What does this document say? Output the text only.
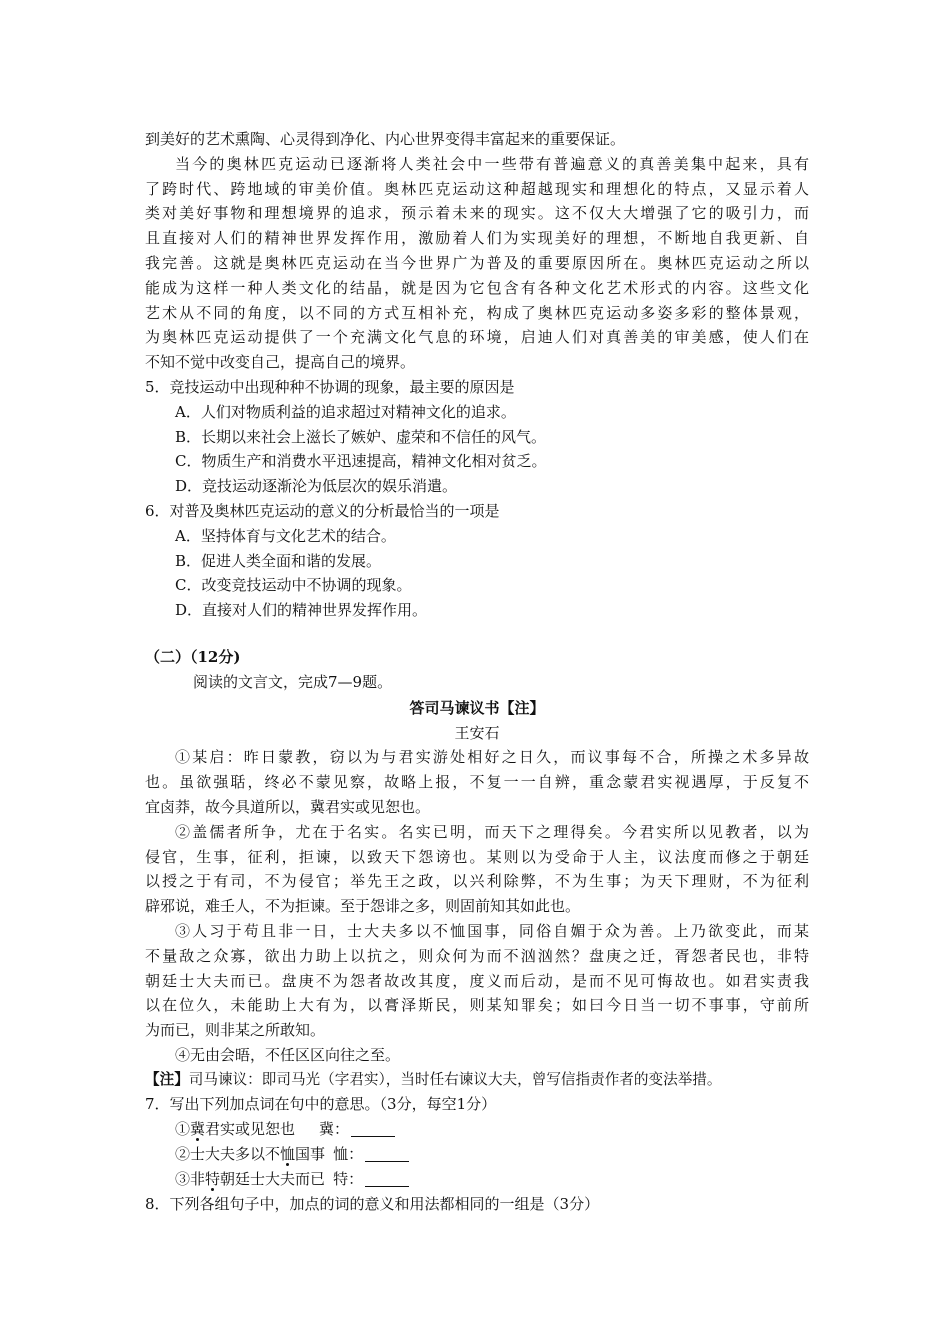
到美好的艺术熏陶、心灵得到净化、内心世界变得丰富起来的重要保证。
当今的奥林匹克运动已逐渐将人类社会中一些带有普遍意义的真善美集中起来，具有
了跨时代、跨地域的审美价值。奥林匹克运动这种超越现实和理想化的特点，又显示着人
类对美好事物和理想境界的追求，预示着未来的现实。这不仅大大增强了它的吸引力，而
且直接对人们的精神世界发挥作用，激励着人们为实现美好的理想，不断地自我更新、自
我完善。这就是奥林匹克运动在当今世界广为普及的重要原因所在。奥林匹克运动之所以
能成为这样一种人类文化的结晶，就是因为它包含有各种文化艺术形式的内容。这些文化
艺术从不同的角度，以不同的方式互相补充，构成了奥林匹克运动多姿多彩的整体景观，
为奥林匹克运动提供了一个充满文化气息的环境，启迪人们对真善美的审美感，使人们在
不知不觉中改变自己，提高自己的境界。
5．竞技运动中出现种种不协调的现象，最主要的原因是
A．人们对物质利益的追求超过对精神文化的追求。
B．长期以来社会上滋长了嫉妒、虚荣和不信任的风气。
C．物质生产和消费水平迅速提高，精神文化相对贫乏。
D．竞技运动逐渐沦为低层次的娱乐消遣。
6．对普及奥林匹克运动的意义的分析最恰当的一项是
A．坚持体育与文化艺术的结合。
B．促进人类全面和谐的发展。
C．改变竞技运动中不协调的现象。
D．直接对人们的精神世界发挥作用。
（二）（12分)
阅读的文言文，完成7—9题。
答司马谏议书【注】
王安石
①某启：昨日蒙教，窃以为与君实游处相好之日久，而议事每不合，所操之术多异故
也。虽欲强聒，终必不蒙见察，故略上报，不复一一自辨，重念蒙君实视遇厚，于反复不
宜卤莽，故今具道所以，冀君实或见恕也。
②盖儒者所争，尤在于名实。名实已明，而天下之理得矣。今君实所以见教者，以为
侵官，生事，征利，拒谏，以致天下怨谤也。某则以为受命于人主，议法度而修之于朝廷
以授之于有司，不为侵官；举先王之政，以兴利除弊，不为生事；为天下理财，不为征利
辟邪说，难壬人，不为拒谏。至于怨诽之多，则固前知其如此也。
③人习于苟且非一日，士大夫多以不恤国事，同俗自媚于众为善。上乃欲变此，而某
不量敌之众寡，欲出力助上以抗之，则众何为而不汹汹然？盘庚之迁，胥怨者民也，非特
朝廷士大夫而已。盘庚不为怨者故改其度，度义而后动，是而不见可悔故也。如君实责我
以在位久，未能助上大有为，以膏泽斯民，则某知罪矣；如曰今日当一切不事事，守前所
为而已，则非某之所敢知。
④无由会晤，不任区区向往之至。
【注】司马谏议：即司马光（字君实），当时任右谏议大夫，曾写信指责作者的变法举措。
7．写出下列加点词在句中的意思。（3分，每空1分）
①冀君实或见恕也 冀：
②士大夫多以不恤国事 恤：
③非特朝廷士大夫而已 特：
8．下列各组句子中，加点的词的意义和用法都相同的一组是（3分）
